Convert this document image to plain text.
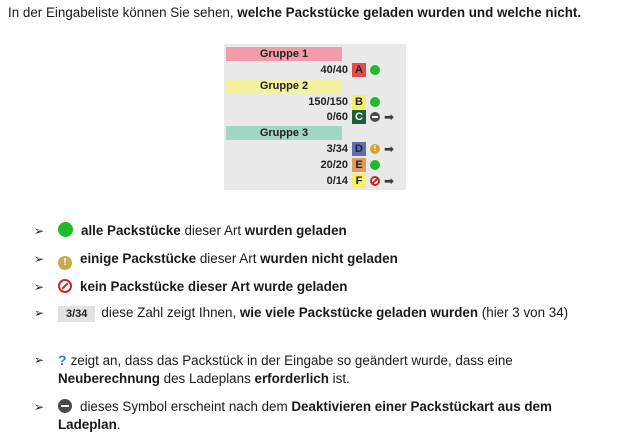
In der Eingabeliste können Sie sehen, welche Packstücke geladen wurden und welche nicht.
Gruppe 1
40/40 A
Gruppe 2
150/150 B
0/60 C ➡
Gruppe 3
3/34 D	! ➡
20/20 E
0/14 F	➡
➢	alle Packstücke dieser Art wurden geladen
➢	! einige Packstücke dieser Art wurden nicht geladen
➢	kein Packstücke dieser Art wurde geladen
➢	3/34 diese Zahl zeigt Ihnen, wie viele Packstücke geladen wurden (hier 3 von 34)
➢ ? zeigt an, dass das Packstück in der Eingabe so geändert wurde, dass eine Neuberechnung des Ladeplans erforderlich ist.
➢	dieses Symbol erscheint nach dem Deaktivieren einer Packstückart aus dem
Ladeplan.
